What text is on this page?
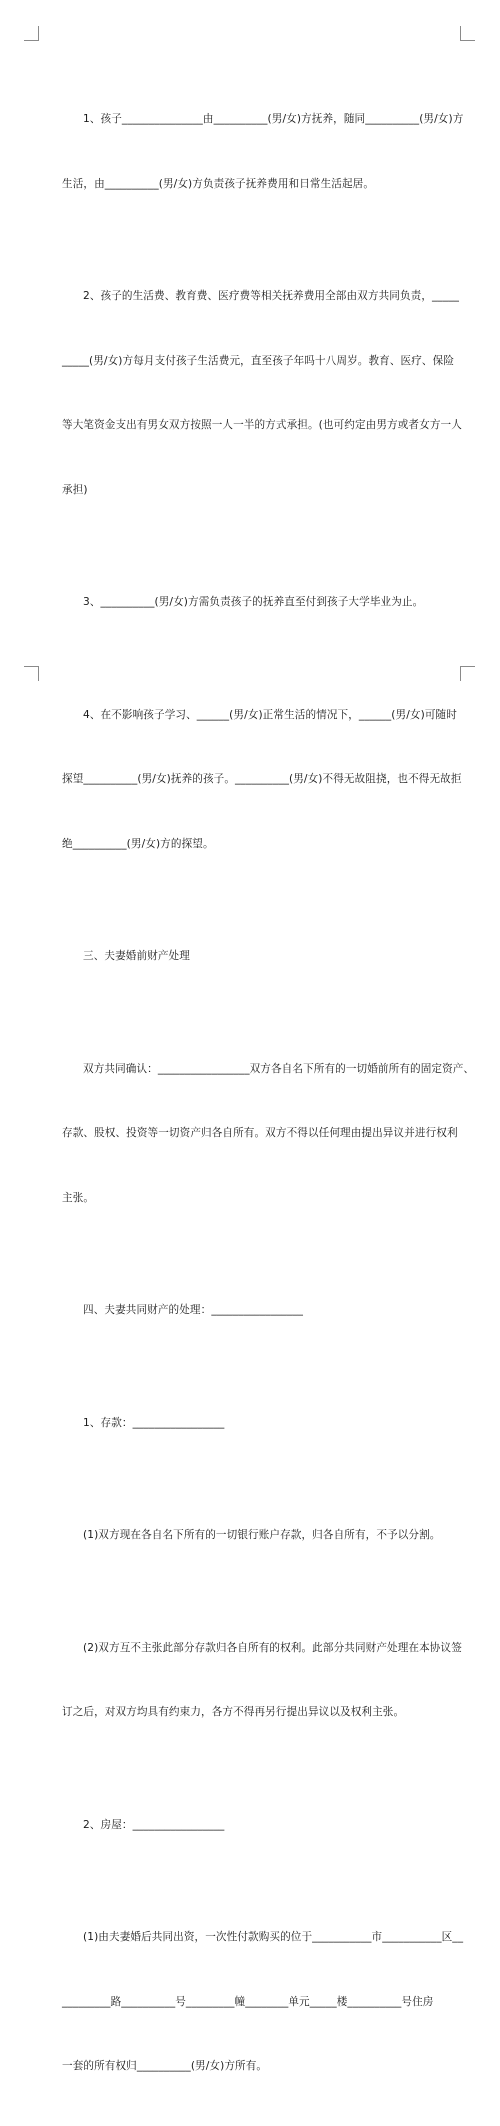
1、孩子_______________由__________(男/女)方抚养，随同__________(男/女)方

生活，由__________(男/女)方负责孩子抚养费用和日常生活起居。

2、孩子的生活费、教育费、医疗费等相关抚养费用全部由双方共同负责，_____

_____(男/女)方每月支付孩子生活费元，直至孩子年吗十八周岁。教育、医疗、保险

等大笔资金支出有男女双方按照一人一半的方式承担。(也可约定由男方或者女方一人

承担)

3、__________(男/女)方需负责孩子的抚养直至付到孩子大学毕业为止。

4、在不影响孩子学习、______(男/女)正常生活的情况下，______(男/女)可随时

探望__________(男/女)抚养的孩子。__________(男/女)不得无故阻挠，也不得无故拒

绝__________(男/女)方的探望。

三、夫妻婚前财产处理

双方共同确认：_________________双方各自名下所有的一切婚前所有的固定资产、

存款、股权、投资等一切资产归各自所有。双方不得以任何理由提出异议并进行权利

主张。

四、夫妻共同财产的处理：_________________

1、存款：_________________

(1)双方现在各自名下所有的一切银行账户存款，归各自所有，不予以分割。

(2)双方互不主张此部分存款归各自所有的权利。此部分共同财产处理在本协议签

订之后，对双方均具有约束力，各方不得再另行提出异议以及权利主张。

2、房屋：_________________

(1)由夫妻婚后共同出资，一次性付款购买的位于___________市___________区__

_________路__________号_________幢________单元_____楼__________号住房

一套的所有权归__________(男/女)方所有。
